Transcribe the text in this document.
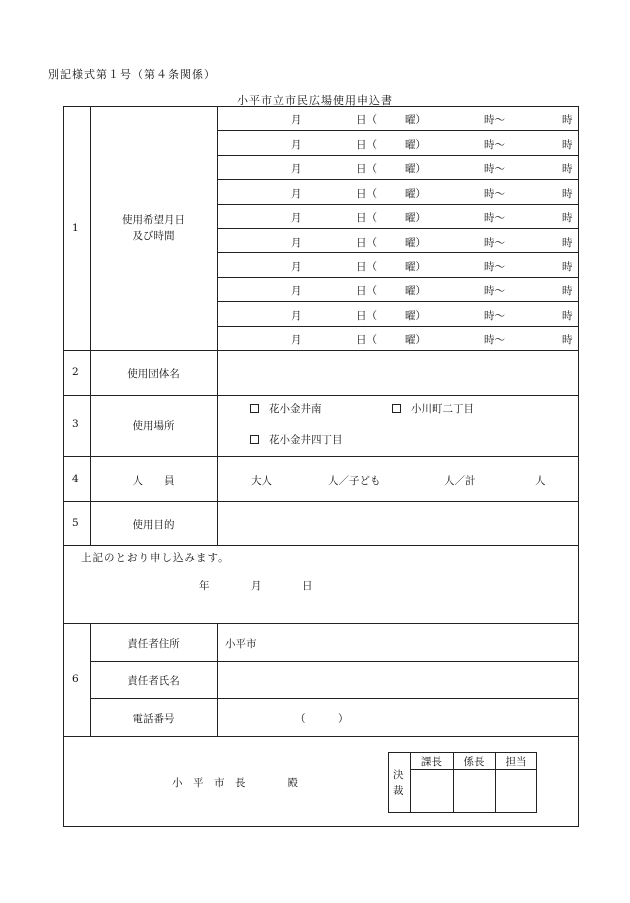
別記様式第１号（第４条関係）
小平市立市民広場使用申込書
1
使用希望月日
及び時間
月	日（	曜）	時～	時
月	日（	曜）	時～	時
月	日（	曜）	時～	時
月	日（	曜）	時～	時
月	日（	曜）	時～	時
月	日（	曜）	時～	時
月	日（	曜）	時～	時
月	日（	曜）	時～	時
月	日（	曜）	時～	時
月	日（	曜）	時～	時
2	使用団体名
3	使用場所
花小金井南	小川町二丁目
花小金井四丁目
4	人　　員	大人	人／子ども	人／計	人
5	使用目的
上記のとおり申し込みます。
年	月	日
6
責任者住所	小平市
責任者氏名
電話番号	（	）
小　平　市　長　　　　殿
決
裁
課長	係長	担当
